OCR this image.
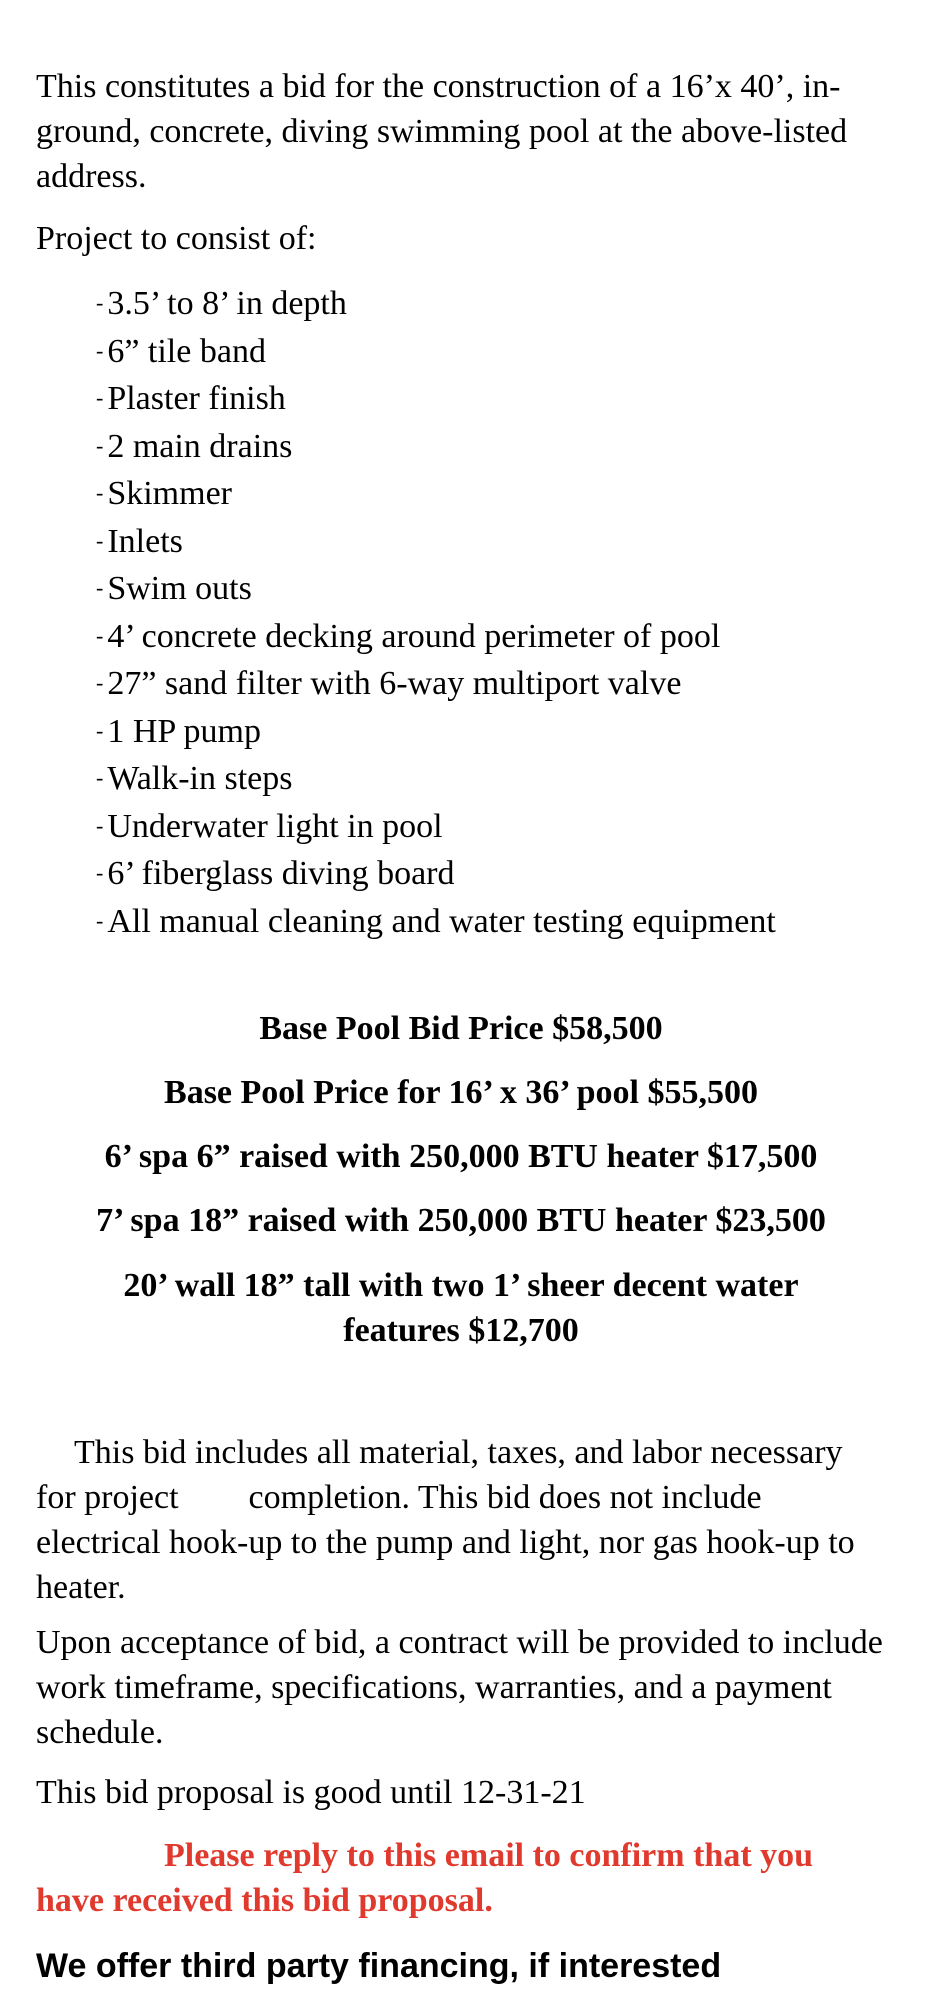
This constitutes a bid for the construction of a 16’x 40’, in-ground, concrete, diving swimming pool at the above-listed address.

Project to consist of:

- 3.5’ to 8’ in depth
- 6” tile band
- Plaster finish
- 2 main drains
- Skimmer
- Inlets
- Swim outs
- 4’ concrete decking around perimeter of pool
- 27” sand filter with 6-way multiport valve
- 1 HP pump
- Walk-in steps
- Underwater light in pool
- 6’ fiberglass diving board
- All manual cleaning and water testing equipment
Base Pool Bid Price $58,500
Base Pool Price for 16’ x 36’ pool $55,500
6’ spa 6” raised with 250,000 BTU heater $17,500
7’ spa 18” raised with 250,000 BTU heater $23,500
20’ wall 18” tall with two 1’ sheer decent water
features $12,700

This bid includes all material, taxes, and labor necessary for project completion. This bid does not include electrical hook-up to the pump and light, nor gas hook-up to heater.

Upon acceptance of bid, a contract will be provided to include work timeframe, specifications, warranties, and a payment schedule.

This bid proposal is good until 12-31-21

Please reply to this email to confirm that you have received this bid proposal.

We offer third party financing, if interested
